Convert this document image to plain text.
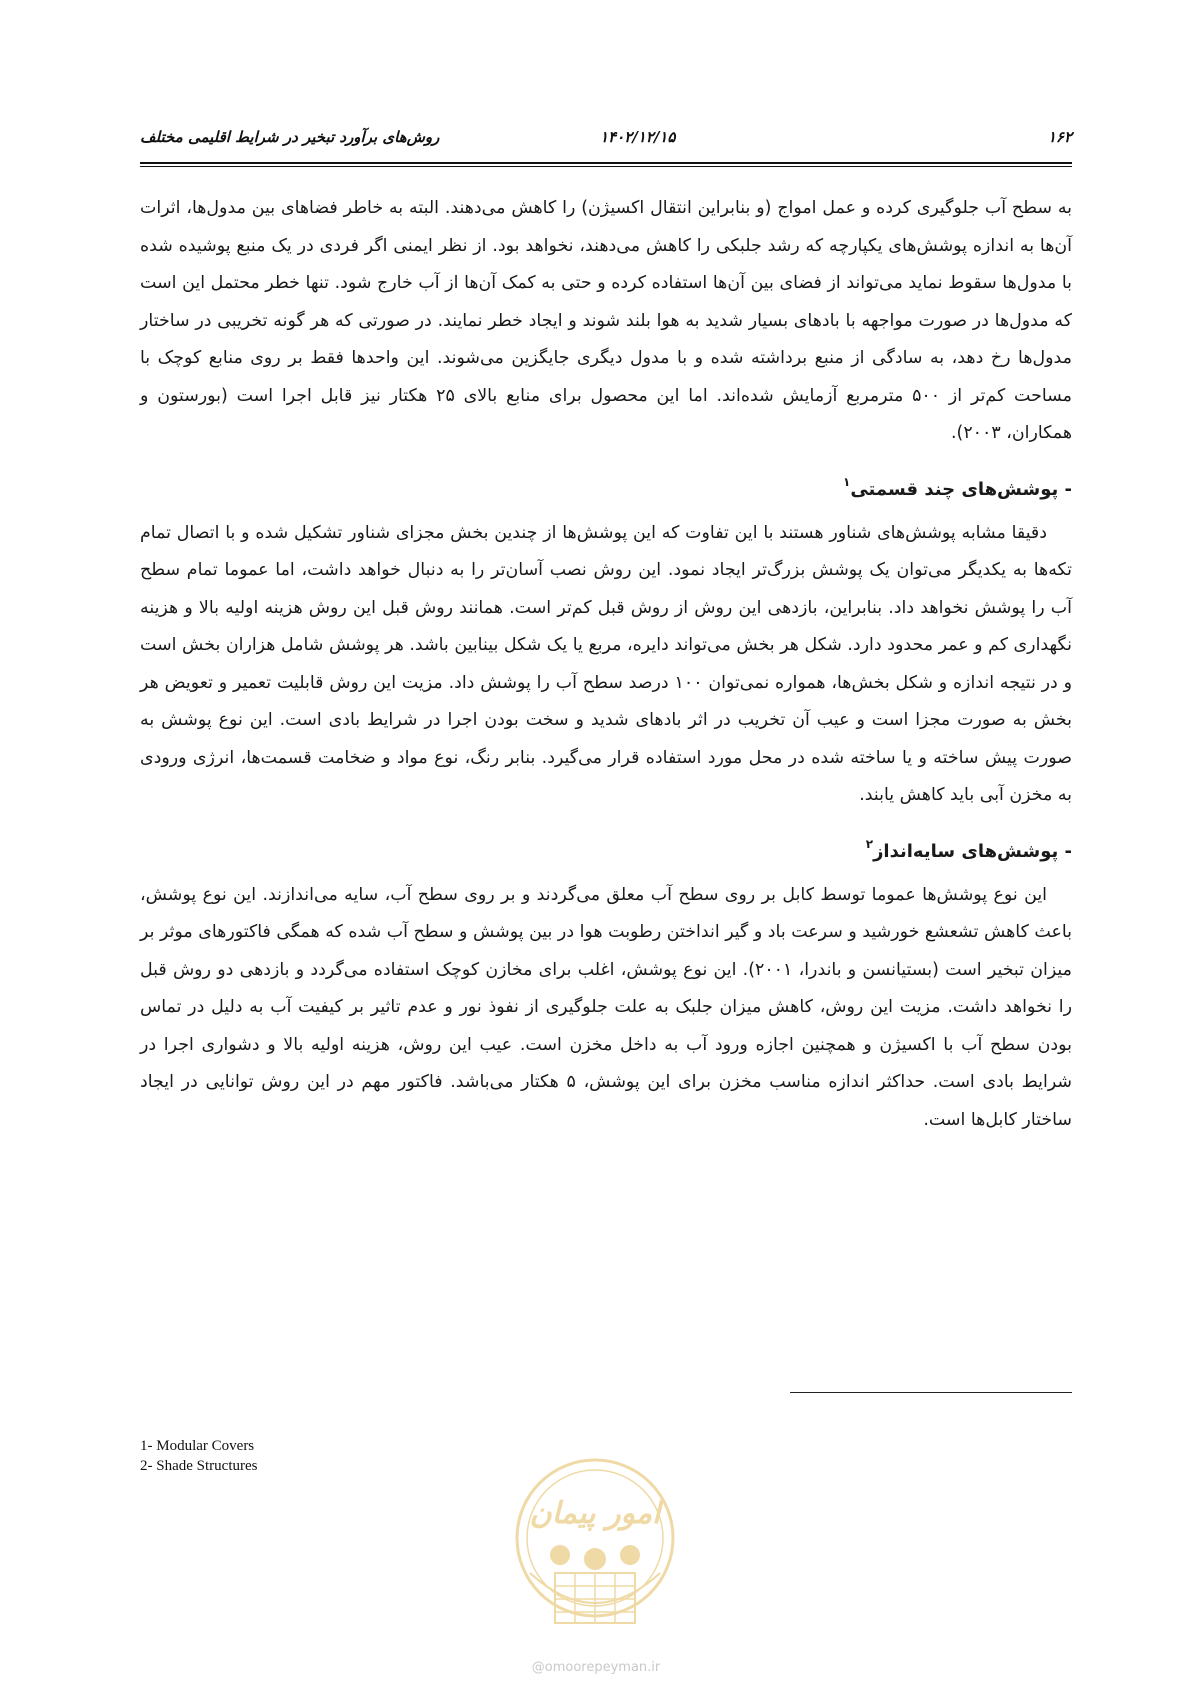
۱۶۲
۱۴۰۲/۱۲/۱۵
روش‌های برآورد تبخیر در شرایط اقلیمی مختلف

به سطح آب جلوگیری کرده و عمل امواج (و بنابراین انتقال اکسیژن) را کاهش می‌دهند. البته به خاطر فضاهای بین مدول‌ها، اثرات آن‌ها به اندازه پوشش‌های یکپارچه که رشد جلبکی را کاهش می‌دهند، نخواهد بود. از نظر ایمنی اگر فردی در یک منبع پوشیده شده با مدول‌ها سقوط نماید می‌تواند از فضای بین آن‌ها استفاده کرده و حتی به کمک آن‌ها از آب خارج شود. تنها خطر محتمل این است که مدول‌ها در صورت مواجهه با بادهای بسیار شدید به هوا بلند شوند و ایجاد خطر نمایند. در صورتی که هر گونه تخریبی در ساختار مدول‌ها رخ دهد، به سادگی از منبع برداشته شده و با مدول دیگری جایگزین می‌شوند. این واحدها فقط بر روی منابع کوچک با مساحت کم‌تر از ۵۰۰ مترمربع آزمایش شده‌اند. اما این محصول برای منابع بالای ۲۵ هکتار نیز قابل اجرا است (بورستون و همکاران، ۲۰۰۳).

- پوشش‌های چند قسمتی$^۱$

دقیقا مشابه پوشش‌های شناور هستند با این تفاوت که این پوشش‌ها از چندین بخش مجزای شناور تشکیل شده و با اتصال تمام تکه‌ها به یکدیگر می‌توان یک پوشش بزرگ‌تر ایجاد نمود. این روش نصب آسان‌تر را به دنبال خواهد داشت، اما عموما تمام سطح آب را پوشش نخواهد داد. بنابراین، بازدهی این روش از روش قبل کم‌تر است. همانند روش قبل این روش هزینه اولیه بالا و هزینه نگهداری کم و عمر محدود دارد. شکل هر بخش می‌تواند دایره، مربع یا یک شکل بینابین باشد. هر پوشش شامل هزاران بخش است و در نتیجه اندازه و شکل بخش‌ها، همواره نمی‌توان ۱۰۰ درصد سطح آب را پوشش داد. مزیت این روش قابلیت تعمیر و تعویض هر بخش به صورت مجزا است و عیب آن تخریب در اثر بادهای شدید و سخت بودن اجرا در شرایط بادی است. این نوع پوشش به صورت پیش ساخته و یا ساخته شده در محل مورد استفاده قرار می‌گیرد. بنابر رنگ، نوع مواد و ضخامت قسمت‌ها، انرژی ورودی به مخزن آبی باید کاهش یابند.

- پوشش‌های سایه‌انداز$^۲$

این نوع پوشش‌ها عموما توسط کابل بر روی سطح آب معلق می‌گردند و بر روی سطح آب، سایه می‌اندازند. این نوع پوشش، باعث کاهش تشعشع خورشید و سرعت باد و گیر انداختن رطوبت هوا در بین پوشش و سطح آب شده که همگی فاکتورهای موثر بر میزان تبخیر است (بستیانسن و باندرا، ۲۰۰۱). این نوع پوشش، اغلب برای مخازن کوچک استفاده می‌گردد و بازدهی دو روش قبل را نخواهد داشت. مزیت این روش، کاهش میزان جلبک به علت جلوگیری از نفوذ نور و عدم تاثیر بر کیفیت آب به دلیل در تماس بودن سطح آب با اکسیژن و همچنین اجازه ورود آب به داخل مخزن است. عیب این روش، هزینه اولیه بالا و دشواری اجرا در شرایط بادی است. حداکثر اندازه مناسب مخزن برای این پوشش، ۵ هکتار می‌باشد. فاکتور مهم در این روش توانایی در ایجاد ساختار کابل‌ها است.

1- Modular Covers
2- Shade Structures
امور پیمان
@omoorepeyman.ir
